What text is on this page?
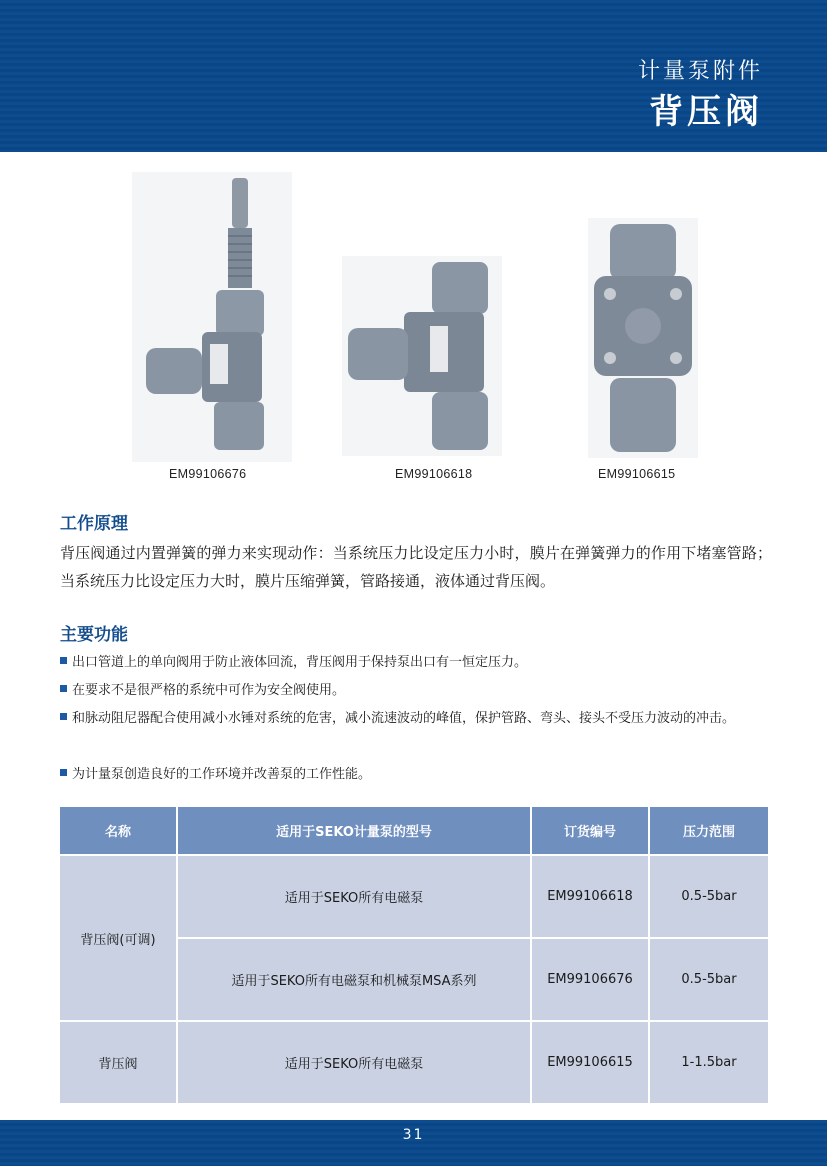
计量泵附件
背压阀
EM99106676	EM99106618	EM99106615
工作原理
背压阀通过内置弹簧的弹力来实现动作：当系统压力比设定压力小时，膜片在弹簧弹力的作用下堵塞管路；当系统压力比设定压力大时，膜片压缩弹簧，管路接通，液体通过背压阀。
主要功能
出口管道上的单向阀用于防止液体回流，背压阀用于保持泵出口有一恒定压力。
在要求不是很严格的系统中可作为安全阀使用。
和脉动阻尼器配合使用减小水锤对系统的危害，减小流速波动的峰值，保护管路、弯头、接头不受压力波动的冲击。
为计量泵创造良好的工作环境并改善泵的工作性能。
名称	适用于SEKO计量泵的型号	订货编号	压力范围
背压阀(可调)
适用于SEKO所有电磁泵	EM99106618	0.5-5bar
适用于SEKO所有电磁泵和机械泵MSA系列	EM99106676	0.5-5bar
背压阀	适用于SEKO所有电磁泵	EM99106615	1-1.5bar
31
